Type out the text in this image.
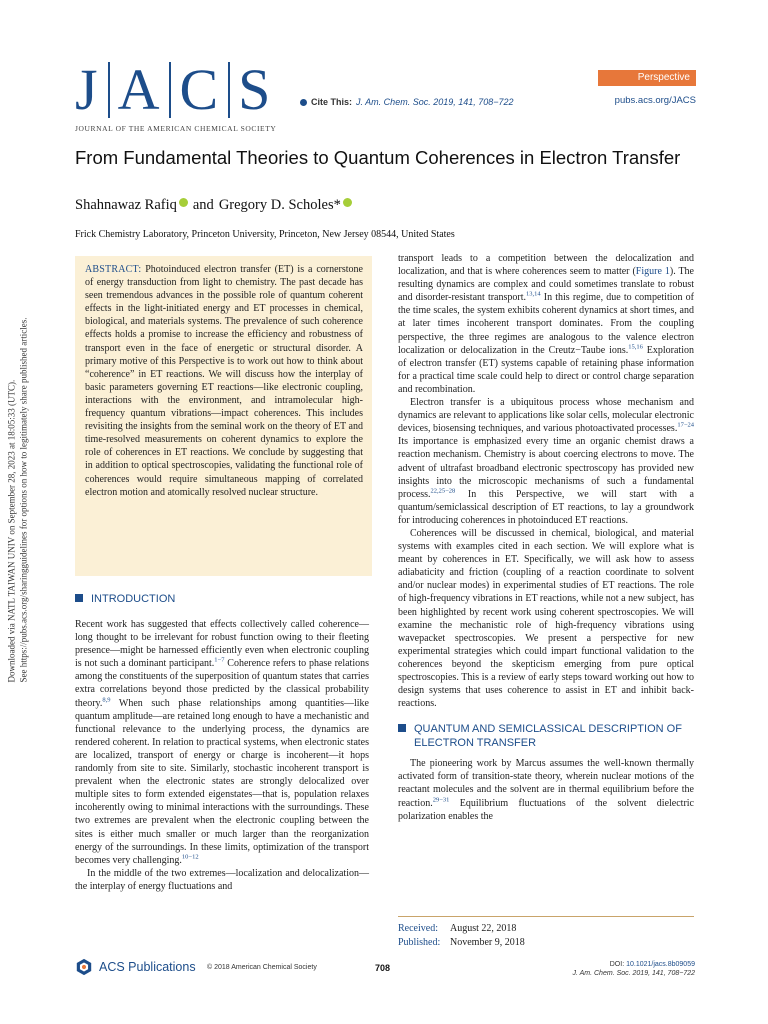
Downloaded via NATL TAIWAN UNIV on September 28, 2023 at 18:05:33 (UTC). See https://pubs.acs.org/sharingguidelines for options on how to legitimately share published articles.
J A C S
JOURNAL OF THE AMERICAN CHEMICAL SOCIETY
Cite This: J. Am. Chem. Soc. 2019, 141, 708−722
Perspective
pubs.acs.org/JACS
From Fundamental Theories to Quantum Coherences in Electron Transfer
Shahnawaz Rafiq and Gregory D. Scholes*
Frick Chemistry Laboratory, Princeton University, Princeton, New Jersey 08544, United States

ABSTRACT: Photoinduced electron transfer (ET) is a cornerstone of energy transduction from light to chemistry. The past decade has seen tremendous advances in the possible role of quantum coherent effects in the light-initiated energy and ET processes in chemical, biological, and materials systems. The prevalence of such coherence effects holds a promise to increase the efficiency and robustness of transport even in the face of energetic or structural disorder. A primary motive of this Perspective is to work out how to think about “coherence” in ET reactions. We will discuss how the interplay of basic parameters governing ET reactions—like electronic coupling, interactions with the environment, and intramolecular high-frequency quantum vibrations—impact coherences. This includes revisiting the insights from the seminal work on the theory of ET and time-resolved measurements on coherent dynamics to explore the role of coherences in ET reactions. We conclude by suggesting that in addition to optical spectroscopies, validating the functional role of coherences would require simultaneous mapping of correlated electron motion and atomically resolved nuclear structure.

INTRODUCTION

Recent work has suggested that effects collectively called coherence—long thought to be irrelevant for robust function owing to their fleeting presence—might be harnessed efficiently even when electronic coupling is not such a dominant participant.$^{1-7}$ Coherence refers to phase relations among the constituents of the superposition of quantum states that carries extra correlations beyond those predicted by the classical probability theory.$^{8,9}$ When such phase relationships among quantities—like quantum amplitude—are retained long enough to have a mechanistic and functional relevance to the underlying process, the dynamics are rendered coherent. In relation to practical systems, when electronic states are localized, transport of energy or charge is incoherent—it hops randomly from site to site. Similarly, stochastic incoherent transport is prevalent when the electronic states are strongly delocalized over multiple sites to form extended eigenstates—that is, population relaxes incoherently owing to minimal interactions with the surroundings. These two extremes are prevalent when the electronic coupling between the sites is either much smaller or much larger than the reorganization energy of the surroundings. In these limits, optimization of the transport becomes very challenging.$^{10-12}$

In the middle of the two extremes—localization and delocalization—the interplay of energy fluctuations and

transport leads to a competition between the delocalization and localization, and that is where coherences seem to matter (Figure 1). The resulting dynamics are complex and could sometimes translate to robust and disorder-resistant transport.$^{13,14}$ In this regime, due to competition of the time scales, the system exhibits coherent dynamics at short times, and at later times incoherent transport dominates. From the coupling perspective, the three regimes are analogous to the valence electron localization or delocalization in the Creutz−Taube ions.$^{15,16}$ Exploration of electron transfer (ET) systems capable of retaining phase information for a practical time scale could help to direct or control charge separation and recombination.

Electron transfer is a ubiquitous process whose mechanism and dynamics are relevant to applications like solar cells, molecular electronic devices, biosensing techniques, and various photoactivated processes.$^{17-24}$ Its importance is emphasized every time an organic chemist draws a reaction mechanism. Chemistry is about coercing electrons to move. The advent of ultrafast broadband electronic spectroscopy has provided new insights into the microscopic mechanisms of such a fundamental process.$^{22,25-28}$ In this Perspective, we will start with a quantum/semiclassical description of ET reactions, to lay a groundwork for introducing coherences in photoinduced ET reactions.

Coherences will be discussed in chemical, biological, and material systems with examples cited in each section. We will explore what is meant by coherences in ET. Specifically, we will ask how to assess adiabaticity and friction (coupling of a reaction coordinate to solvent and/or nuclear modes) in experimental studies of ET reactions. The role of high-frequency vibrations in ET reactions, while not a new subject, has been highlighted by recent work using coherent spectroscopies. We will examine the mechanistic role of high-frequency vibrations using wavepacket spectroscopies. We present a perspective for new experimental strategies which could impart functional validation to the coherences beyond the skepticism emerging from pure optical spectroscopies. This is a review of early steps toward working out how to design systems that uses coherence to assist in ET and inhibit back-reactions.

QUANTUM AND SEMICLASSICAL DESCRIPTION OF ELECTRON TRANSFER

The pioneering work by Marcus assumes the well-known thermally activated form of transition-state theory, wherein nuclear motions of the reactant molecules and the solvent are in thermal equilibrium before the reaction.$^{29-31}$ Equilibrium fluctuations of the solvent dielectric polarization enables the

Received:	August 22, 2018
Published: November 9, 2018
ACS Publications © 2018 American Chemical Society	708	DOI: 10.1021/jacs.8b09059
J. Am. Chem. Soc. 2019, 141, 708−722
